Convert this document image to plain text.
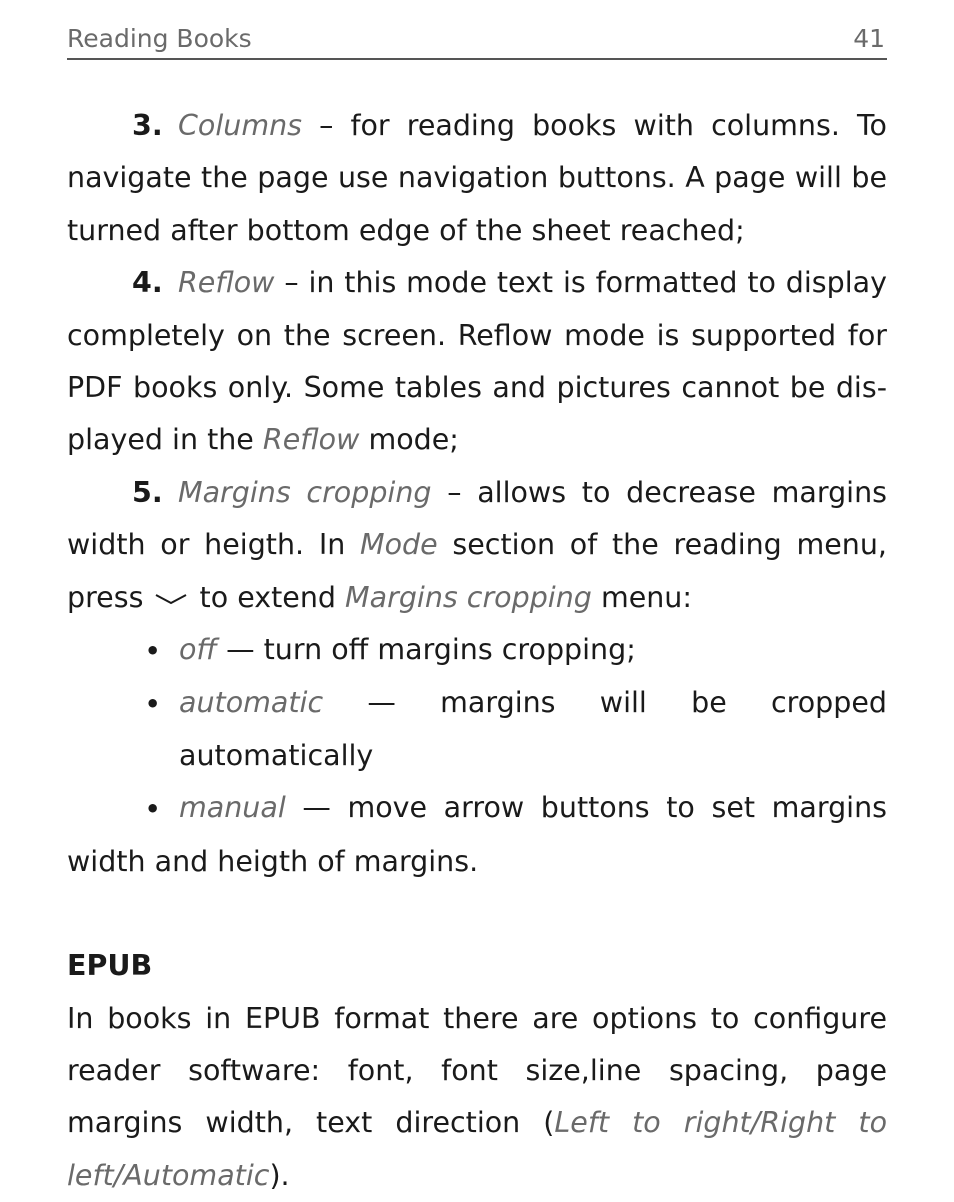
Reading Books	41

3. Columns – for reading books with columns. To navigate the page use navigation buttons. A page will be turned after bottom edge of the sheet reached;

4. Reflow – in this mode text is formatted to display completely on the screen. Reflow mode is supported for PDF books only. Some tables and pictures cannot be dis-played in the Reflow mode;

5. Margins cropping – allows to decrease margins width or heigth. In Mode section of the reading menu, press  to extend Margins cropping menu:

• off — turn off margins cropping;

• automatic — margins will be cropped automatically

• manual — move arrow buttons to set margins width and heigth of margins.

EPUB

In books in EPUB format there are options to configure reader software: font, font size,line spacing, page margins width, text direction (Left to right/Right to left/Automatic).
